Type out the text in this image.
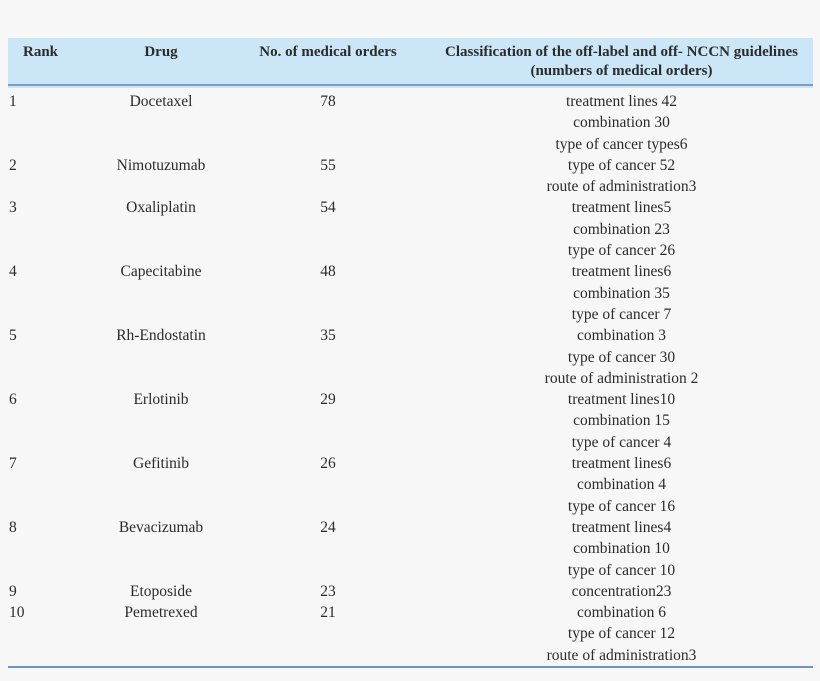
Rank	Drug	No. of medical orders	Classification of the off-label and off- NCCN guidelines (numbers of medical orders)
1	Docetaxel	78	treatment lines 42
combination 30
type of cancer types6

2	Nimotuzumab	55	type of cancer 52
route of administration3

3	Oxaliplatin	54	treatment lines5
combination 23
type of cancer 26

4	Capecitabine	48	treatment lines6
combination 35
type of cancer 7

5	Rh-Endostatin	35	combination 3
type of cancer 30
route of administration 2

6	Erlotinib	29	treatment lines10
combination 15
type of cancer 4

7	Gefitinib	26	treatment lines6
combination 4
type of cancer 16

8	Bevacizumab	24	treatment lines4
combination 10
type of cancer 10

9	Etoposide	23	concentration23

10	Pemetrexed	21	combination 6
type of cancer 12
route of administration3
